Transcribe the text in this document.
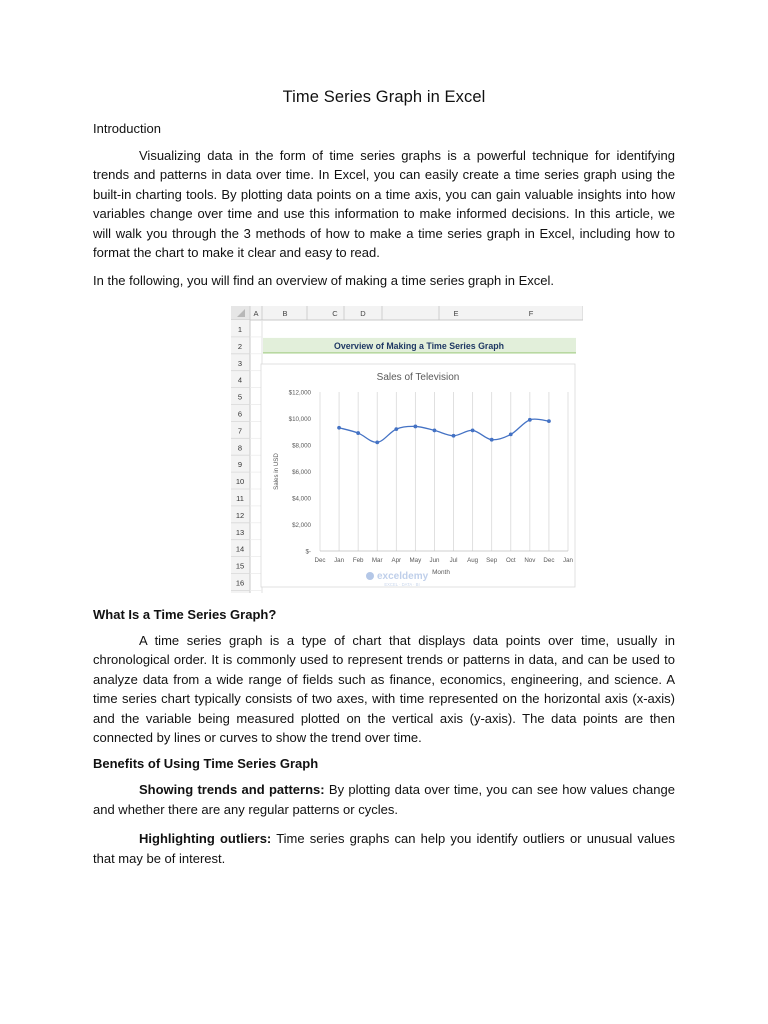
Time Series Graph in Excel
Introduction

Visualizing data in the form of time series graphs is a powerful technique for identifying trends and patterns in data over time. In Excel, you can easily create a time series graph using the built-in charting tools. By plotting data points on a time axis, you can gain valuable insights into how variables change over time and use this information to make informed decisions. In this article, we will walk you through the 3 methods of how to make a time series graph in Excel, including how to format the chart to make it clear and easy to read.

In the following, you will find an overview of making a time series graph in Excel.

A	B	C	D	E	F
1
2
3
4
5
6
7
8
9
10
11
12
13
14
15
16
Overview of Making a Time Series Graph
Sales of Television
$-
$2,000
$4,000
$6,000
$8,000
$10,000
$12,000
Dec Jan Feb Mar Apr May Jun Jul Aug Sep Oct Nov Dec Jan
Sales in USD
Month
exceldemy
EXCEL · DATA · BI
What Is a Time Series Graph?

A time series graph is a type of chart that displays data points over time, usually in chronological order. It is commonly used to represent trends or patterns in data, and can be used to analyze data from a wide range of fields such as finance, economics, engineering, and science. A time series chart typically consists of two axes, with time represented on the horizontal axis (x-axis) and the variable being measured plotted on the vertical axis (y-axis). The data points are then connected by lines or curves to show the trend over time.

Benefits of Using Time Series Graph

Showing trends and patterns: By plotting data over time, you can see how values change and whether there are any regular patterns or cycles.

Highlighting outliers: Time series graphs can help you identify outliers or unusual values that may be of interest.
